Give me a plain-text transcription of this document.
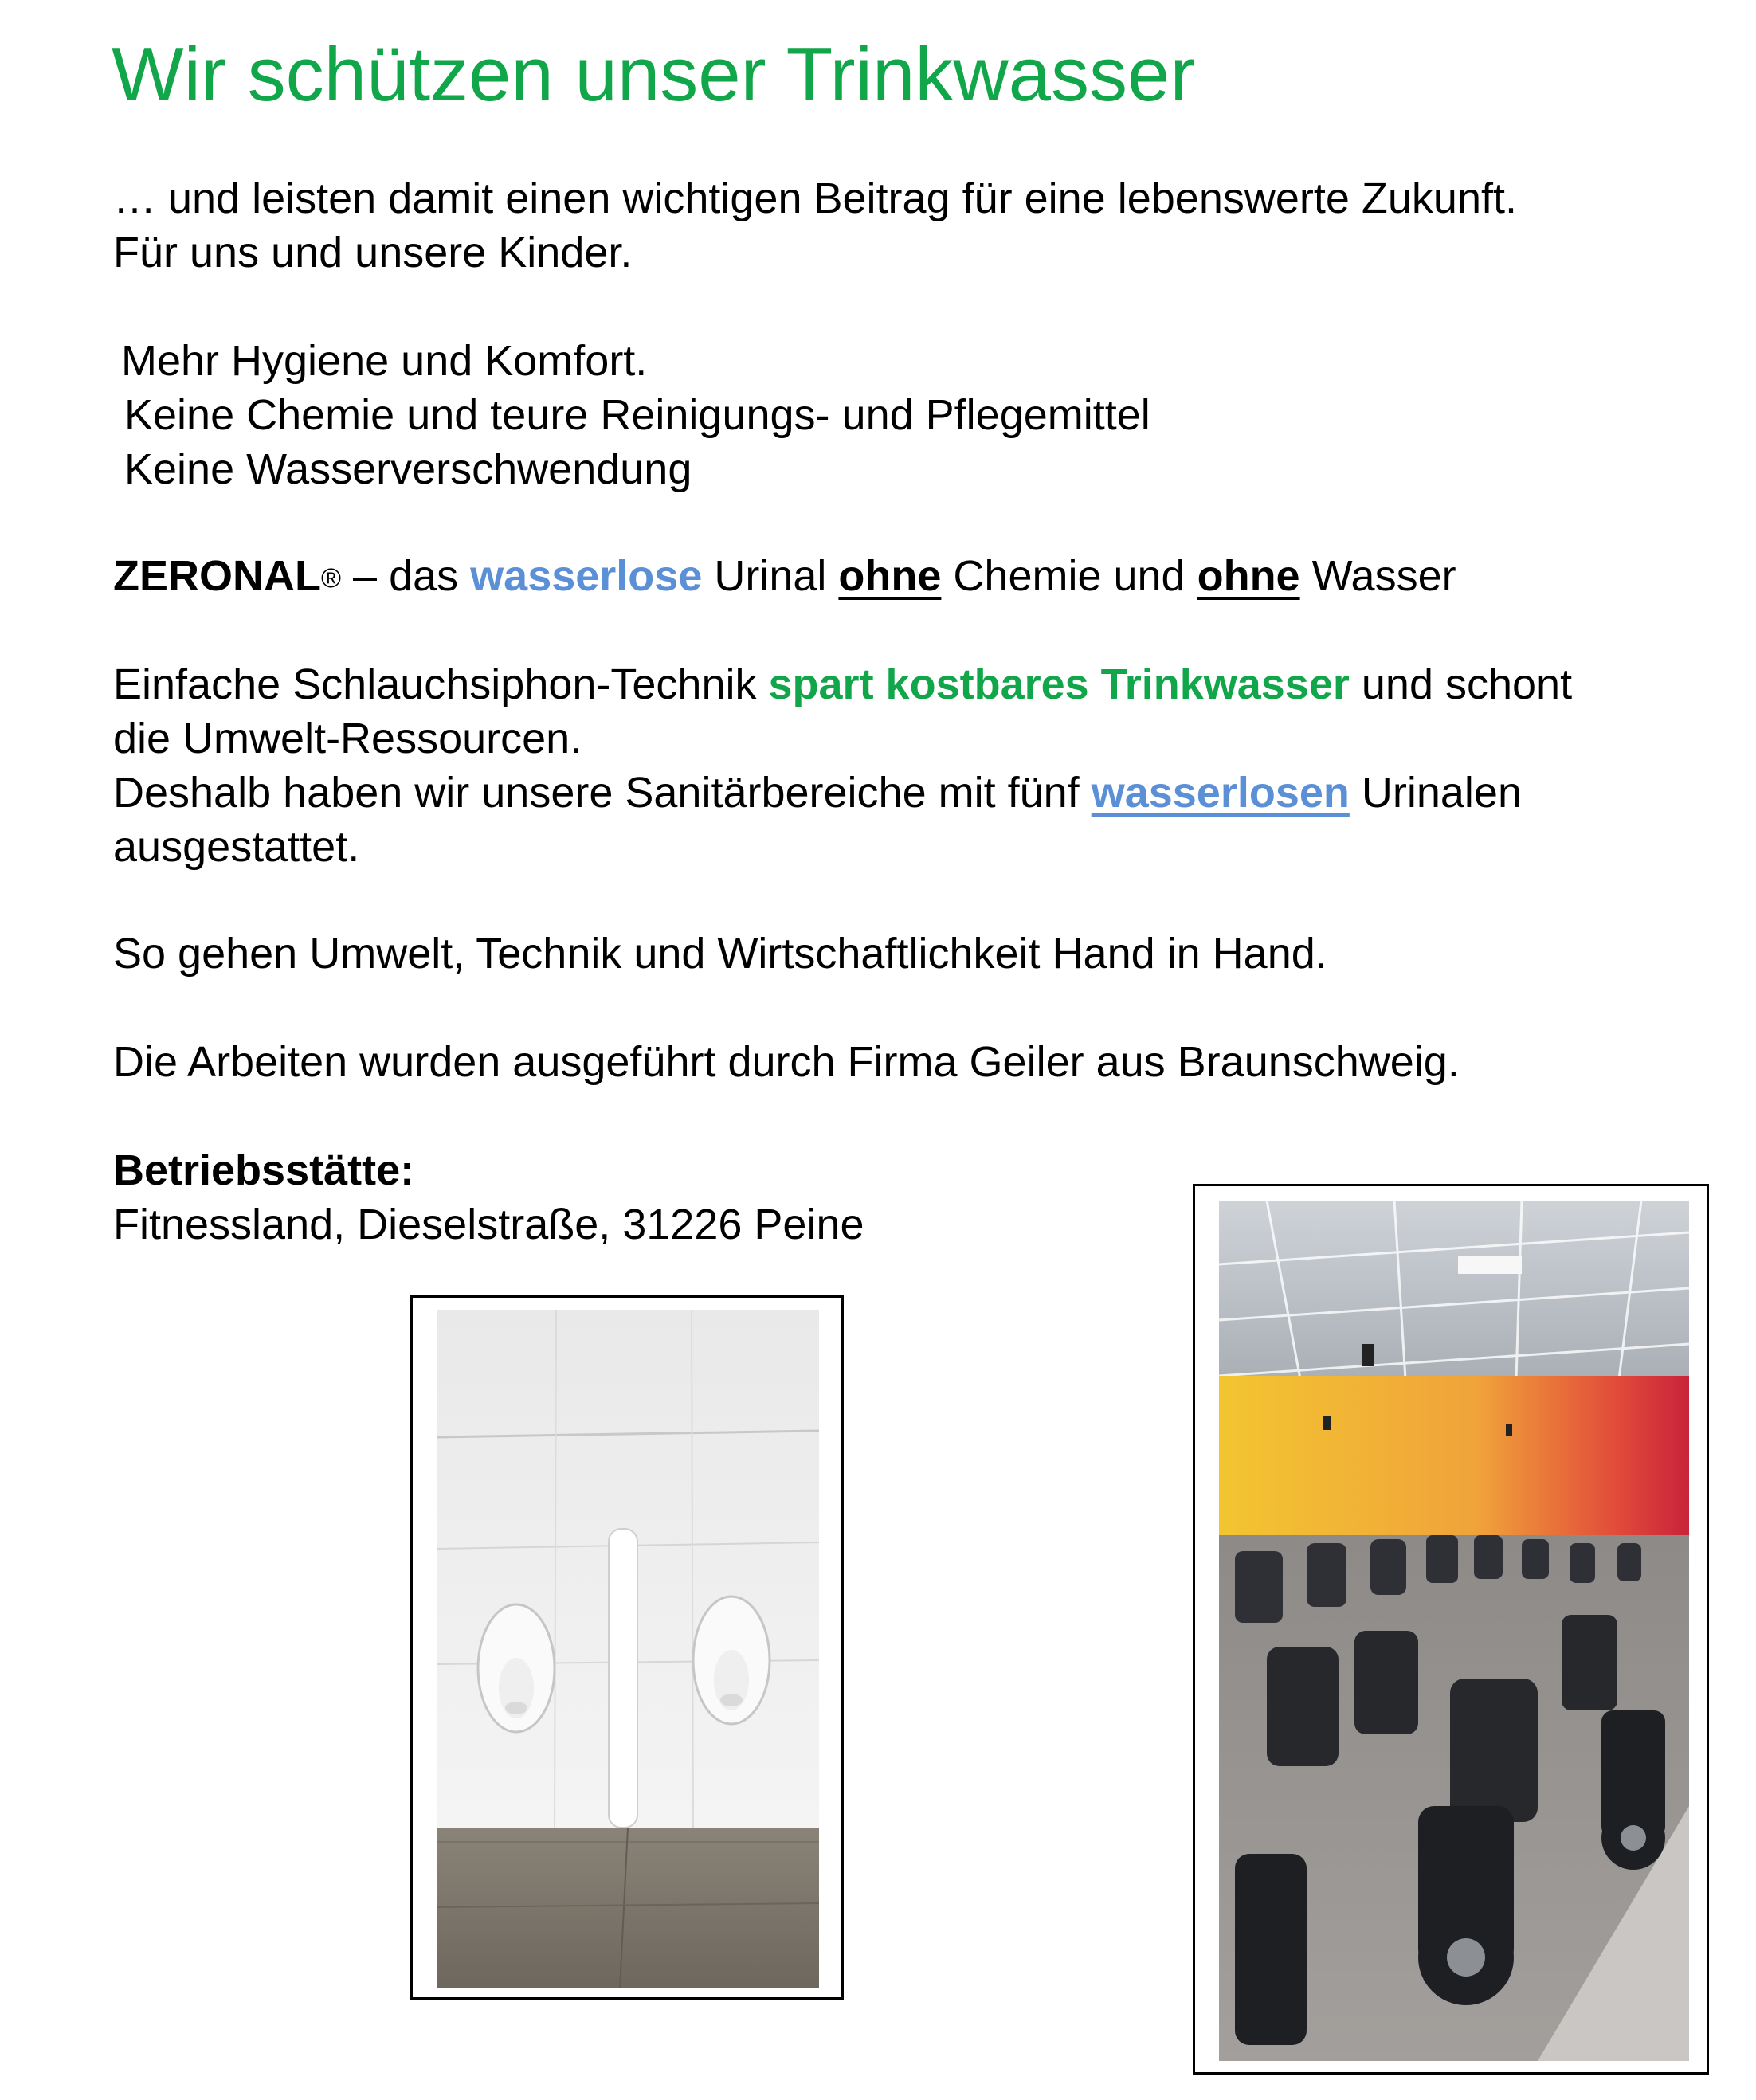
Wir schützen unser Trinkwasser
… und leisten damit einen wichtigen Beitrag für eine lebenswerte Zukunft.
Für uns und unsere Kinder.
Mehr Hygiene und Komfort.
Keine Chemie und teure Reinigungs- und Pflegemittel
Keine Wasserverschwendung
ZERONAL® – das wasserlose Urinal ohne Chemie und ohne Wasser
Einfache Schlauchsiphon-Technik spart kostbares Trinkwasser und schont
die Umwelt-Ressourcen.
Deshalb haben wir unsere Sanitärbereiche mit fünf wasserlosen Urinalen
ausgestattet.
So gehen Umwelt, Technik und Wirtschaftlichkeit Hand in Hand.
Die Arbeiten wurden ausgeführt durch Firma Geiler aus Braunschweig.
Betriebsstätte:
Fitnessland, Dieselstraße, 31226 Peine
